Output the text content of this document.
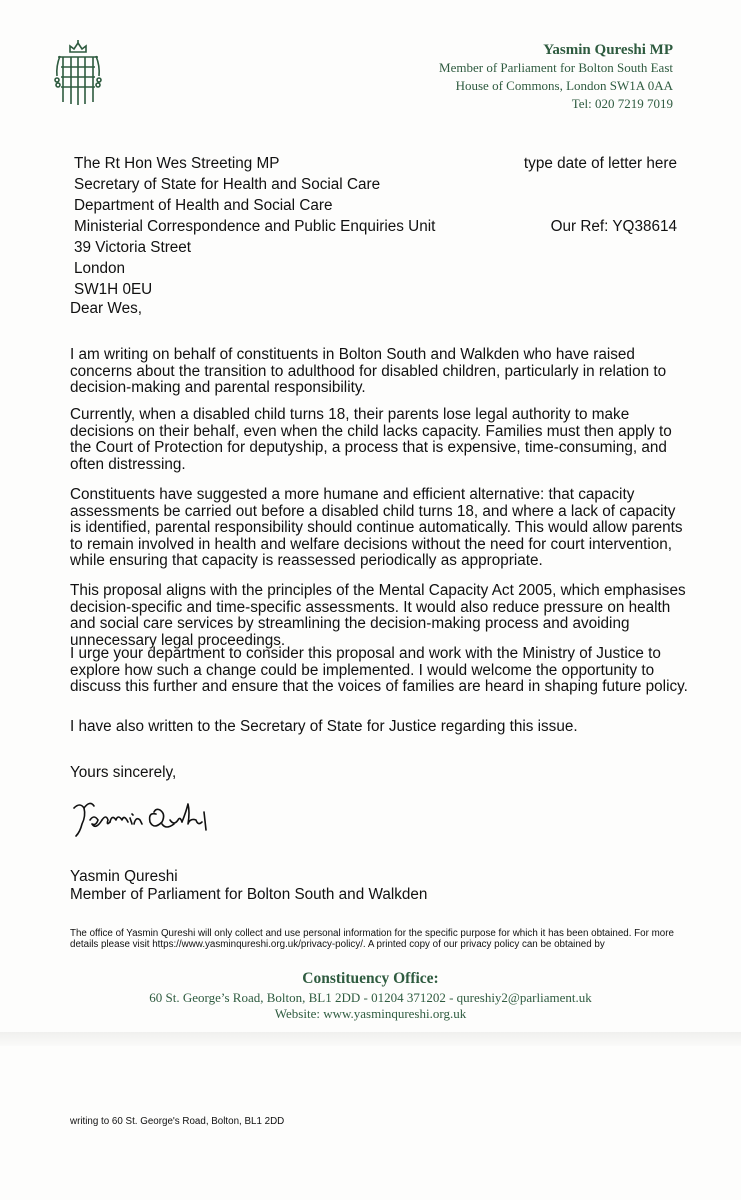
Yasmin Qureshi MP
Member of Parliament for Bolton South East
House of Commons, London SW1A 0AA
Tel: 020 7219 7019
The Rt Hon Wes Streeting MP
Secretary of State for Health and Social Care
Department of Health and Social Care
Ministerial Correspondence and Public Enquiries Unit
39 Victoria Street
London
SW1H 0EU
type date of letter here
Our Ref: YQ38614
Dear Wes,

I am writing on behalf of constituents in Bolton South and Walkden who have raised concerns about the transition to adulthood for disabled children, particularly in relation to decision-making and parental responsibility.

Currently, when a disabled child turns 18, their parents lose legal authority to make decisions on their behalf, even when the child lacks capacity. Families must then apply to the Court of Protection for deputyship, a process that is expensive, time-consuming, and often distressing.

Constituents have suggested a more humane and efficient alternative: that capacity assessments be carried out before a disabled child turns 18, and where a lack of capacity is identified, parental responsibility should continue automatically. This would allow parents to remain involved in health and welfare decisions without the need for court intervention, while ensuring that capacity is reassessed periodically as appropriate.

This proposal aligns with the principles of the Mental Capacity Act 2005, which emphasises decision-specific and time-specific assessments. It would also reduce pressure on health and social care services by streamlining the decision-making process and avoiding unnecessary legal proceedings.

I urge your department to consider this proposal and work with the Ministry of Justice to explore how such a change could be implemented. I would welcome the opportunity to discuss this further and ensure that the voices of families are heard in shaping future policy.

I have also written to the Secretary of State for Justice regarding this issue.

Yours sincerely,
Yasmin Qureshi
Member of Parliament for Bolton South and Walkden

The office of Yasmin Qureshi will only collect and use personal information for the specific purpose for which it has been obtained. For more details please visit https://www.yasminqureshi.org.uk/privacy-policy/. A printed copy of our privacy policy can be obtained by

Constituency Office:
60 St. George’s Road, Bolton, BL1 2DD - 01204 371202 - qureshiy2@parliament.uk
Website: www.yasminqureshi.org.uk
writing to 60 St. George's Road, Bolton, BL1 2DD
